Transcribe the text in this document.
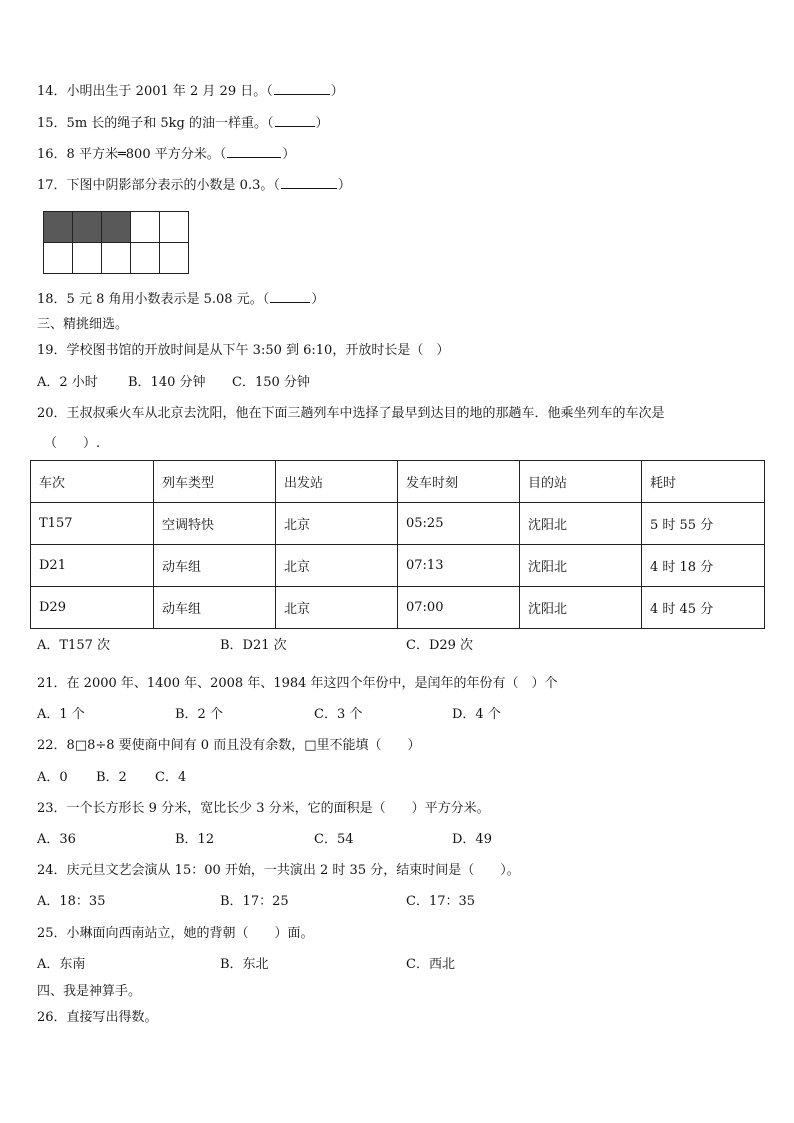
14．小明出生于 2001 年 2 月 29 日。（	）
15．5m 长的绳子和 5kg 的油一样重。（	）
16．8 平方米═800 平方分米。（	）
17．下图中阴影部分表示的小数是 0.3。（	）

18．5 元 8 角用小数表示是 5.08 元。（	）
三、精挑细选。
19．学校图书馆的开放时间是从下午 3:50 到 6:10，开放时长是（　）
A．2 小时 B．140 分钟 C．150 分钟
20．王叔叔乘火车从北京去沈阳，他在下面三趟列车中选择了最早到达目的地的那趟车．他乘坐列车的车次是
（　　）.
车次	列车类型	出发站	发车时刻	目的站	耗时
T157	空调特快	北京	05:25	沈阳北	5 时 55 分
D21	动车组	北京	07:13	沈阳北	4 时 18 分
D29	动车组	北京	07:00	沈阳北	4 时 45 分
A．T157 次	B．D21 次	C．D29 次
21．在 2000 年、1400 年、2008 年、1984 年这四个年份中，是闰年的年份有（　）个
A．1 个	B．2 个	C．3 个	D．4 个
22．8□8÷8 要使商中间有 0 而且没有余数，□里不能填（　　）
A．0 B．2 C．4
23．一个长方形长 9 分米，宽比长少 3 分米，它的面积是（　　）平方分米。
A．36	B．12	C．54	D．49
24．庆元旦文艺会演从 15：00 开始，一共演出 2 时 35 分，结束时间是（　　）。
A．18：35	B．17：25	C．17：35
25．小琳面向西南站立，她的背朝（　　）面。
A．东南	B．东北	C．西北
四、我是神算手。
26．直接写出得数。
